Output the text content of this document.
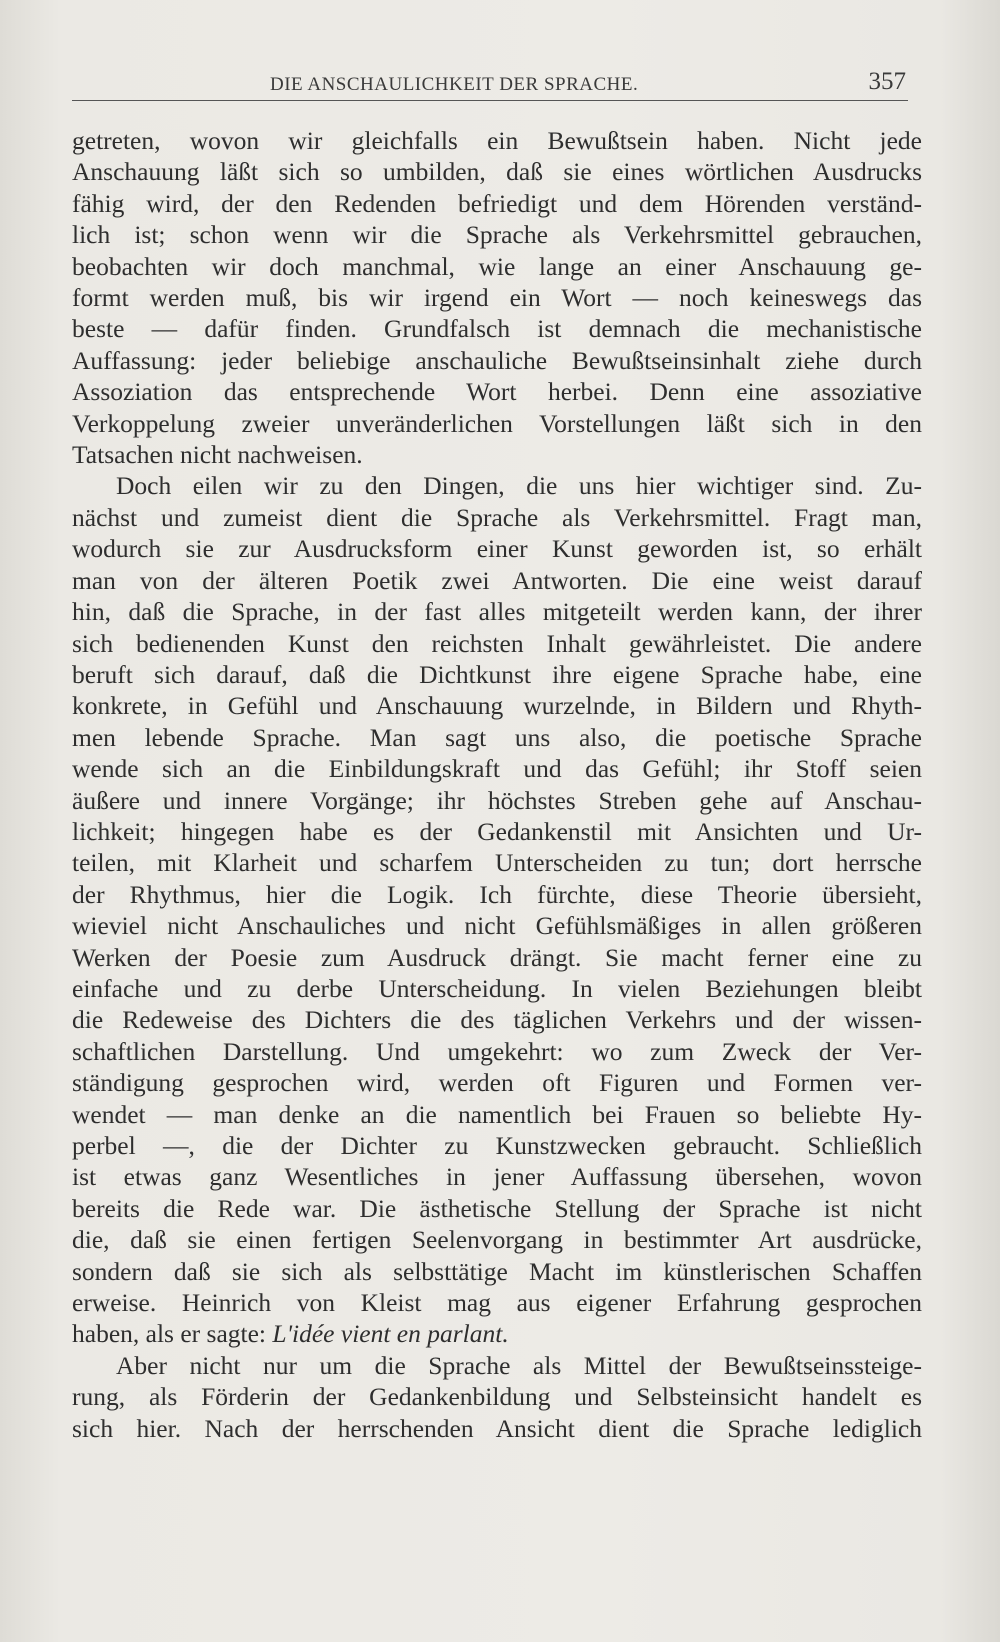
DIE ANSCHAULICHKEIT DER SPRACHE.	357
getreten, wovon wir gleichfalls ein Bewußtsein haben. Nicht jede
Anschauung läßt sich so umbilden, daß sie eines wörtlichen Ausdrucks
fähig wird, der den Redenden befriedigt und dem Hörenden verständ-
lich ist; schon wenn wir die Sprache als Verkehrsmittel gebrauchen,
beobachten wir doch manchmal, wie lange an einer Anschauung ge-
formt werden muß, bis wir irgend ein Wort — noch keineswegs das
beste — dafür finden. Grundfalsch ist demnach die mechanistische
Auffassung: jeder beliebige anschauliche Bewußtseinsinhalt ziehe durch
Assoziation das entsprechende Wort herbei. Denn eine assoziative
Verkoppelung zweier unveränderlichen Vorstellungen läßt sich in den
Tatsachen nicht nachweisen.
Doch eilen wir zu den Dingen, die uns hier wichtiger sind. Zu-
nächst und zumeist dient die Sprache als Verkehrsmittel. Fragt man,
wodurch sie zur Ausdrucksform einer Kunst geworden ist, so erhält
man von der älteren Poetik zwei Antworten. Die eine weist darauf
hin, daß die Sprache, in der fast alles mitgeteilt werden kann, der ihrer
sich bedienenden Kunst den reichsten Inhalt gewährleistet. Die andere
beruft sich darauf, daß die Dichtkunst ihre eigene Sprache habe, eine
konkrete, in Gefühl und Anschauung wurzelnde, in Bildern und Rhyth-
men lebende Sprache. Man sagt uns also, die poetische Sprache
wende sich an die Einbildungskraft und das Gefühl; ihr Stoff seien
äußere und innere Vorgänge; ihr höchstes Streben gehe auf Anschau-
lichkeit; hingegen habe es der Gedankenstil mit Ansichten und Ur-
teilen, mit Klarheit und scharfem Unterscheiden zu tun; dort herrsche
der Rhythmus, hier die Logik. Ich fürchte, diese Theorie übersieht,
wieviel nicht Anschauliches und nicht Gefühlsmäßiges in allen größeren
Werken der Poesie zum Ausdruck drängt. Sie macht ferner eine zu
einfache und zu derbe Unterscheidung. In vielen Beziehungen bleibt
die Redeweise des Dichters die des täglichen Verkehrs und der wissen-
schaftlichen Darstellung. Und umgekehrt: wo zum Zweck der Ver-
ständigung gesprochen wird, werden oft Figuren und Formen ver-
wendet — man denke an die namentlich bei Frauen so beliebte Hy-
perbel —, die der Dichter zu Kunstzwecken gebraucht. Schließlich
ist etwas ganz Wesentliches in jener Auffassung übersehen, wovon
bereits die Rede war. Die ästhetische Stellung der Sprache ist nicht
die, daß sie einen fertigen Seelenvorgang in bestimmter Art ausdrücke,
sondern daß sie sich als selbsttätige Macht im künstlerischen Schaffen
erweise. Heinrich von Kleist mag aus eigener Erfahrung gesprochen
haben, als er sagte: L'idée vient en parlant.
Aber nicht nur um die Sprache als Mittel der Bewußtseinssteige-
rung, als Förderin der Gedankenbildung und Selbsteinsicht handelt es
sich hier. Nach der herrschenden Ansicht dient die Sprache lediglich
